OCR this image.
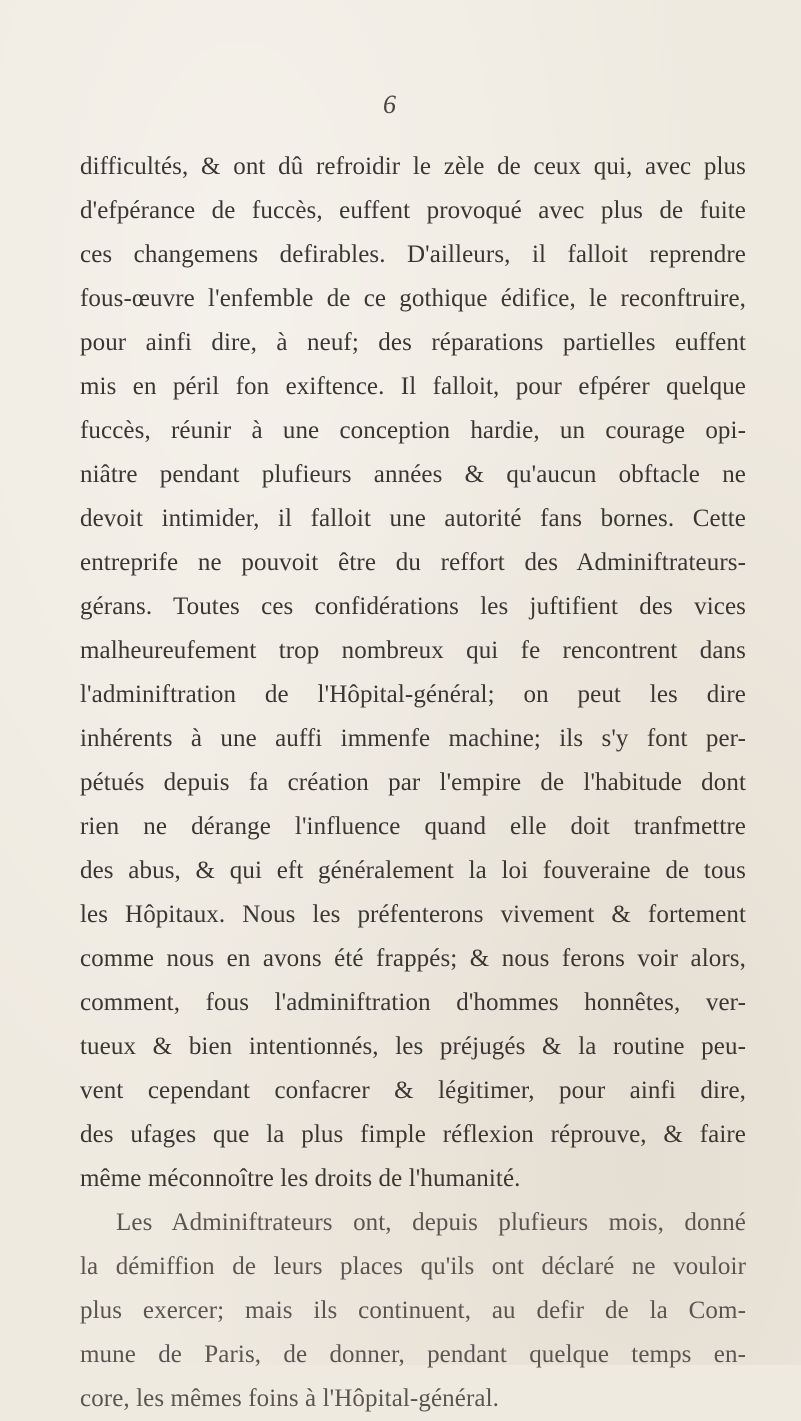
6
difficultés, & ont dû refroidir le zèle de ceux qui, avec plus
d'efpérance de fuccès, euffent provoqué avec plus de fuite
ces changemens defirables. D'ailleurs, il falloit reprendre
fous-œuvre l'enfemble de ce gothique édifice, le reconftruire,
pour ainfi dire, à neuf; des réparations partielles euffent
mis en péril fon exiftence. Il falloit, pour efpérer quelque
fuccès, réunir à une conception hardie, un courage opi-
niâtre pendant plufieurs années & qu'aucun obftacle ne
devoit intimider, il falloit une autorité fans bornes. Cette
entreprife ne pouvoit être du reffort des Adminiftrateurs-
gérans. Toutes ces confidérations les juftifient des vices
malheureufement trop nombreux qui fe rencontrent dans
l'adminiftration de l'Hôpital-général; on peut les dire
inhérents à une auffi immenfe machine; ils s'y font per-
pétués depuis fa création par l'empire de l'habitude dont
rien ne dérange l'influence quand elle doit tranfmettre
des abus, & qui eft généralement la loi fouveraine de tous
les Hôpitaux. Nous les préfenterons vivement & fortement
comme nous en avons été frappés; & nous ferons voir alors,
comment, fous l'adminiftration d'hommes honnêtes, ver-
tueux & bien intentionnés, les préjugés & la routine peu-
vent cependant confacrer & légitimer, pour ainfi dire,
des ufages que la plus fimple réflexion réprouve, & faire
même méconnoître les droits de l'humanité.
Les Adminiftrateurs ont, depuis plufieurs mois, donné
la démiffion de leurs places qu'ils ont déclaré ne vouloir
plus exercer; mais ils continuent, au defir de la Com-
mune de Paris, de donner, pendant quelque temps en-
core, les mêmes foins à l'Hôpital-général.
